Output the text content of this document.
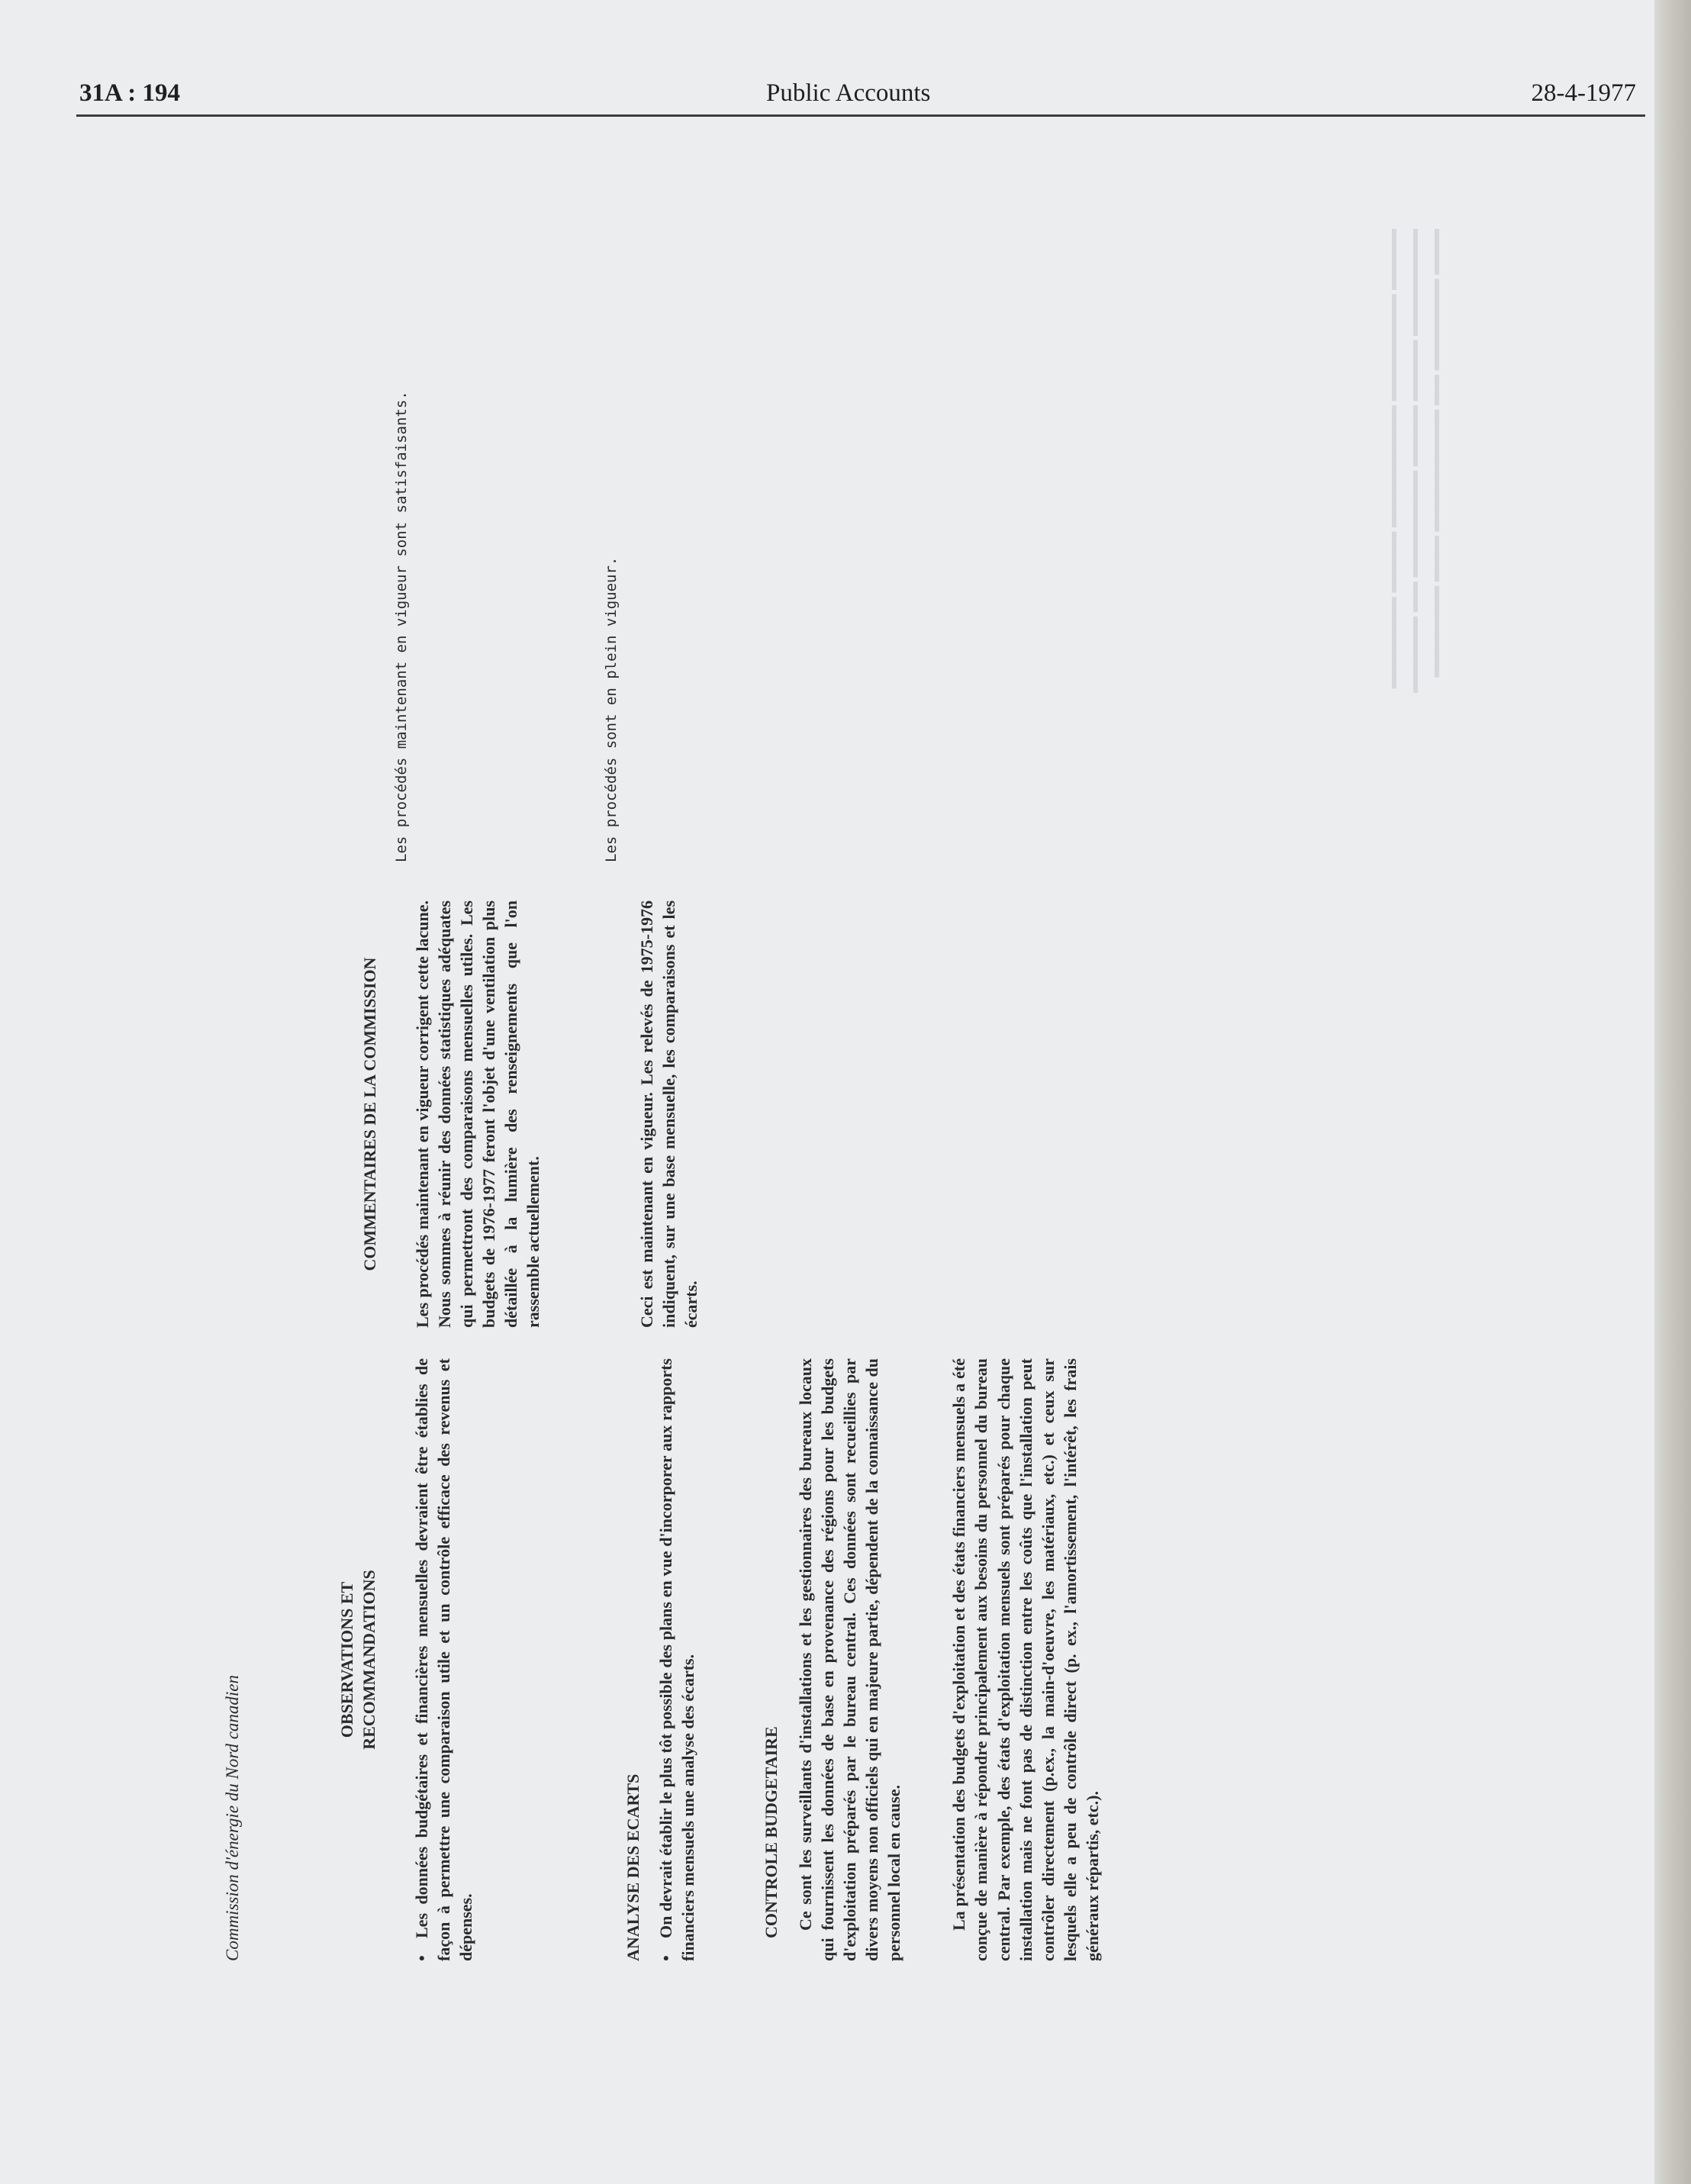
31A : 194	Public Accounts	28-4-1977
▬▬▬ ▬▬▬▬▬▬ ▬▬ ▬▬▬▬▬▬▬▬ ▬▬▬ ▬▬▬▬▬▬
▬▬▬▬▬▬▬ ▬▬▬▬ ▬▬▬▬ ▬▬▬▬▬▬▬ ▬▬ ▬▬▬▬▬
▬▬▬▬ ▬▬▬▬▬▬▬ ▬▬▬▬▬▬▬▬ ▬▬▬▬ ▬▬▬▬▬▬
Commission d'énergie du Nord canadien
OBSERVATIONS ET RECOMMANDATIONS

•Les données budgétaires et financières mensuelles devraient être établies de façon à permettre une comparaison utile et un contrôle efficace des revenus et dépenses.	ANALYSE DES ECARTS •On devrait établir le plus tôt possible des plans en vue d'incorporer aux rapports financiers mensuels une analyse des écarts.	CONTROLE BUDGETAIRE Ce sont les surveillants d'installations et les gestionnaires des bureaux locaux qui fournissent les données de base en provenance des régions pour les budgets d'exploitation préparés par le bureau central. Ces données sont recueillies par divers moyens non officiels qui en majeure partie, dépendent de la connaissance du personnel local en cause.	La présentation des budgets d'exploitation et des états financiers mensuels a été conçue de manière à répondre principalement aux besoins du personnel du bureau central. Par exemple, des états d'exploitation mensuels sont préparés pour chaque installation mais ne font pas de distinction entre les coûts que l'installation peut contrôler directement (p.ex., la main-d'oeuvre, les matériaux, etc.) et ceux sur lesquels elle a peu de contrôle direct (p. ex., l'amortissement, l'intérêt, les frais généraux répartis, etc.).

COMMENTAIRES DE LA COMMISSION Les procédés maintenant en vigueur corrigent cette lacune. Nous sommes à réunir des données statistiques adéquates qui permettront des comparaisons mensuelles utiles. Les budgets de 1976-1977 feront l'objet d'une ventilation plus détaillée à la lumière des renseignements que l'on rassemble actuellement.	Ceci est maintenant en vigueur. Les relevés de 1975-1976 indiquent, sur une base mensuelle, les comparaisons et les écarts.

Les procédés maintenant en vigueur sont satisfaisants.	Les procédés sont en plein vigueur.
